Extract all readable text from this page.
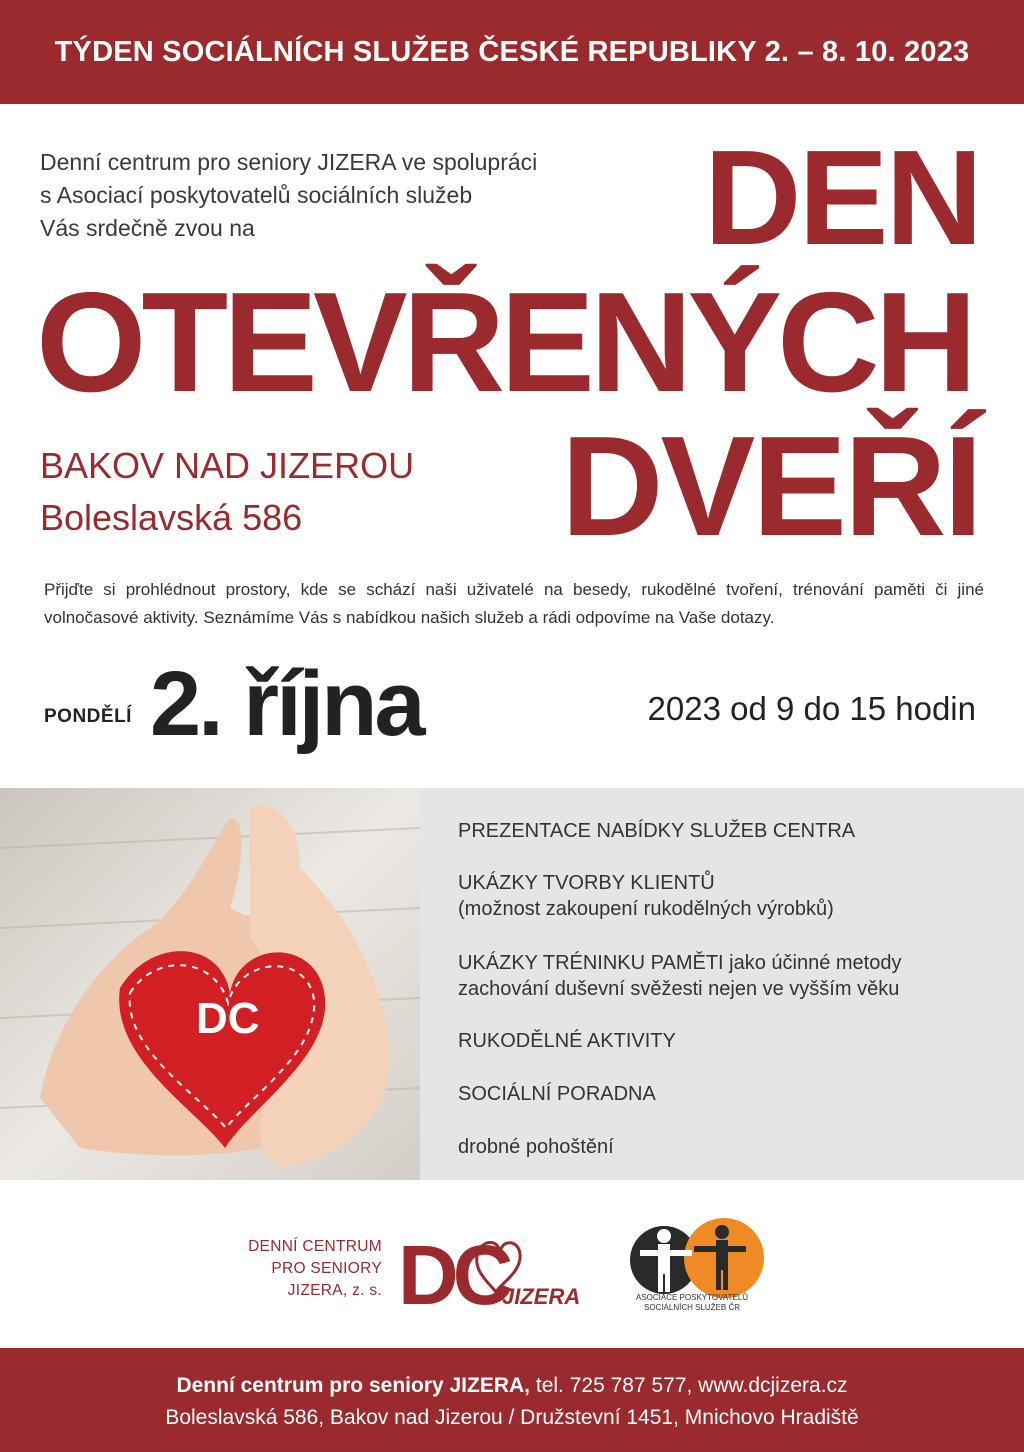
TÝDEN SOCIÁLNÍCH SLUŽEB ČESKÉ REPUBLIKY 2. – 8. 10. 2023
Denní centrum pro seniory JIZERA ve spolupráci
s Asociací poskytovatelů sociálních služeb
Vás srdečně zvou na	DEN
OTEVŘENÝCH
DVEŘÍ
BAKOV NAD JIZEROU
Boleslavská 586
Přijďte si prohlédnout prostory, kde se schází naši uživatelé na besedy, rukodělné tvoření, trénování paměti či jiné volnočasové aktivity. Seznámíme Vás s nabídkou našich služeb a rádi odpovíme na Vaše dotazy.
PONDĚLÍ 2. října	2023 od 9 do 15 hodin
DC
PREZENTACE NABÍDKY SLUŽEB CENTRA
UKÁZKY TVORBY KLIENTŮ
(možnost zakoupení rukodělných výrobků)
UKÁZKY TRÉNINKU PAMĚTI jako účinné metody
zachování duševní svěžesti nejen ve vyšším věku
RUKODĚLNÉ AKTIVITY
SOCIÁLNÍ PORADNA
drobné pohoštění
DENNÍ CENTRUM
PRO SENIORY
JIZERA, z. s. DC
JIZERA	ASOCIACE POSKYTOVATELŮ
SOCIÁLNÍCH SLUŽEB ČR
Denní centrum pro seniory JIZERA, tel. 725 787 577, www.dcjizera.cz
Boleslavská 586, Bakov nad Jizerou / Družstevní 1451, Mnichovo Hradiště
